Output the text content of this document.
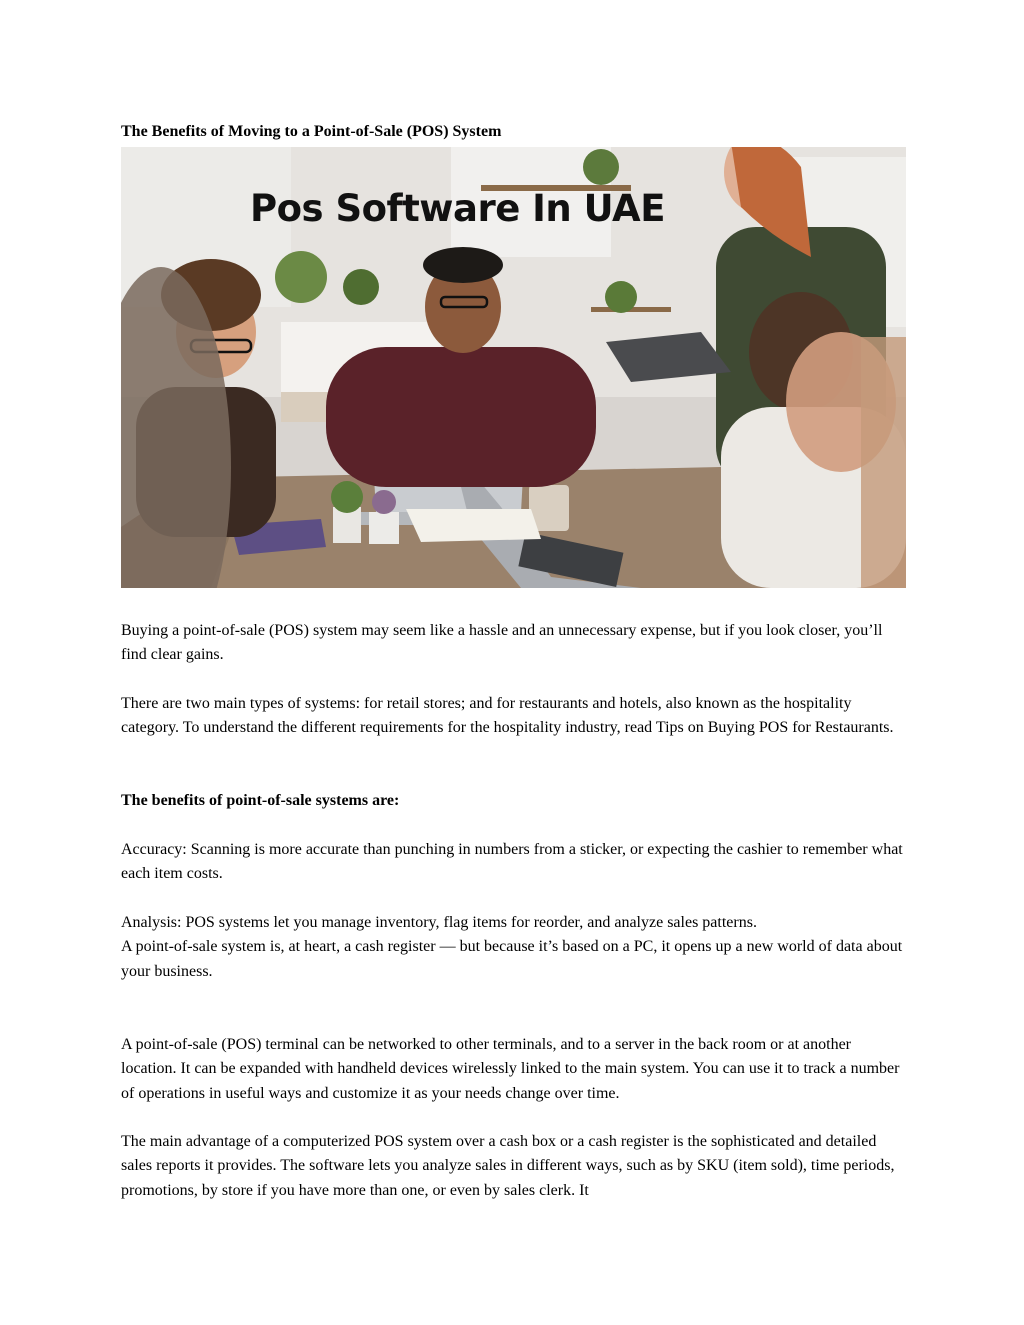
The Benefits of Moving to a Point-of-Sale (POS) System
Pos Software In UAE

Buying a point-of-sale (POS) system may seem like a hassle and an unnecessary expense, but if you look closer, you’ll find clear gains.

There are two main types of systems: for retail stores; and for restaurants and hotels, also known as the hospitality category. To understand the different requirements for the hospitality industry, read Tips on Buying POS for Restaurants.

The benefits of point-of-sale systems are:

Accuracy: Scanning is more accurate than punching in numbers from a sticker, or expecting the cashier to remember what each item costs.

Analysis: POS systems let you manage inventory, flag items for reorder, and analyze sales patterns.

A point-of-sale system is, at heart, a cash register — but because it’s based on a PC, it opens up a new world of data about your business.

A point-of-sale (POS) terminal can be networked to other terminals, and to a server in the back room or at another location. It can be expanded with handheld devices wirelessly linked to the main system. You can use it to track a number of operations in useful ways and customize it as your needs change over time.

The main advantage of a computerized POS system over a cash box or a cash register is the sophisticated and detailed sales reports it provides. The software lets you analyze sales in different ways, such as by SKU (item sold), time periods, promotions, by store if you have more than one, or even by sales clerk. It
